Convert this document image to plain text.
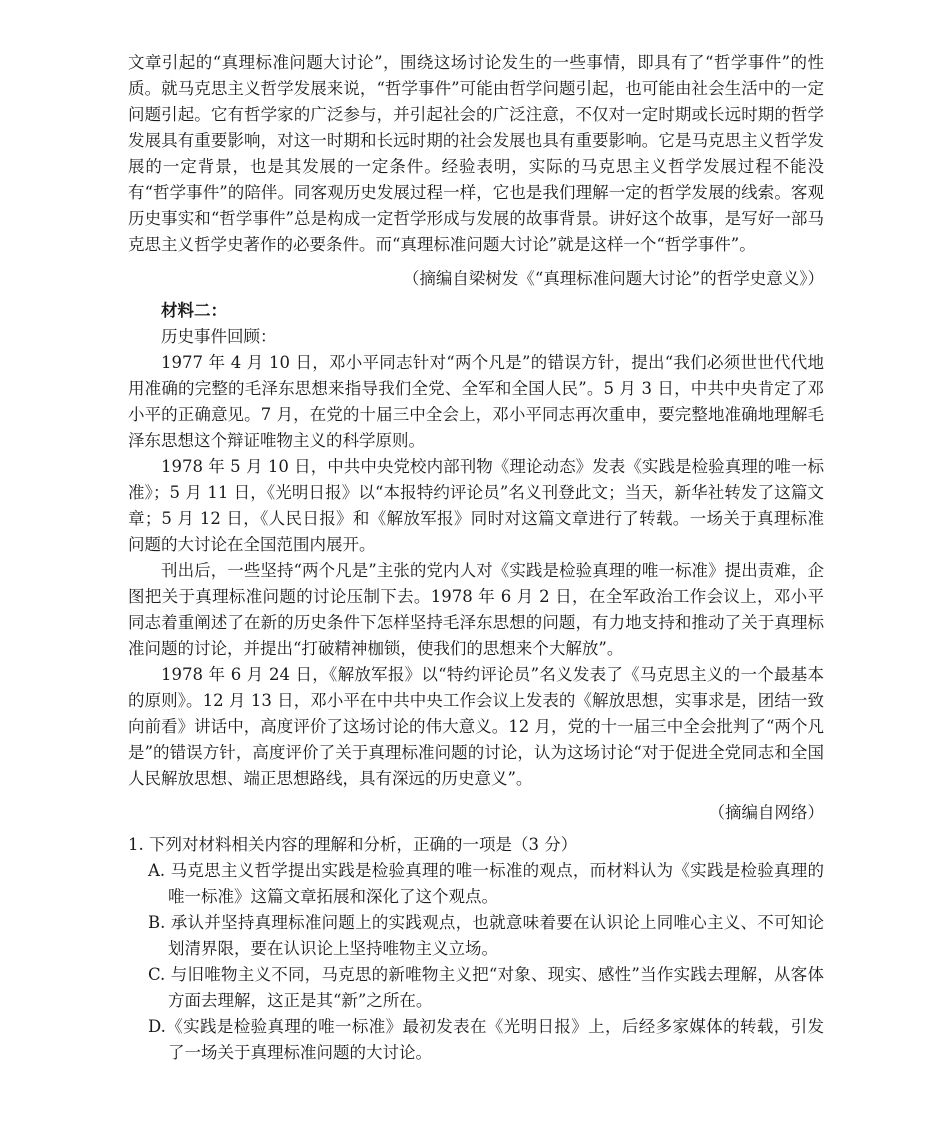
文章引起的“真理标准问题大讨论”，围绕这场讨论发生的一些事情，即具有了“哲学事件”的性质。就马克思主义哲学发展来说，“哲学事件”可能由哲学问题引起，也可能由社会生活中的一定问题引起。它有哲学家的广泛参与，并引起社会的广泛注意，不仅对一定时期或长远时期的哲学发展具有重要影响，对这一时期和长远时期的社会发展也具有重要影响。它是马克思主义哲学发展的一定背景，也是其发展的一定条件。经验表明，实际的马克思主义哲学发展过程不能没有“哲学事件”的陪伴。同客观历史发展过程一样，它也是我们理解一定的哲学发展的线索。客观历史事实和“哲学事件”总是构成一定哲学形成与发展的故事背景。讲好这个故事，是写好一部马克思主义哲学史著作的必要条件。而“真理标准问题大讨论”就是这样一个“哲学事件”。

（摘编自梁树发《“真理标准问题大讨论”的哲学史意义》）
材料二：

历史事件回顾：

1977 年 4 月 10 日，邓小平同志针对“两个凡是”的错误方针，提出“我们必须世世代代地用准确的完整的毛泽东思想来指导我们全党、全军和全国人民”。5 月 3 日，中共中央肯定了邓小平的正确意见。7 月，在党的十届三中全会上，邓小平同志再次重申，要完整地准确地理解毛泽东思想这个辩证唯物主义的科学原则。

1978 年 5 月 10 日，中共中央党校内部刊物《理论动态》发表《实践是检验真理的唯一标准》；5 月 11 日，《光明日报》以“本报特约评论员”名义刊登此文；当天，新华社转发了这篇文章；5 月 12 日，《人民日报》和《解放军报》同时对这篇文章进行了转载。一场关于真理标准问题的大讨论在全国范围内展开。

刊出后，一些坚持“两个凡是”主张的党内人对《实践是检验真理的唯一标准》提出责难，企图把关于真理标准问题的讨论压制下去。1978 年 6 月 2 日，在全军政治工作会议上，邓小平同志着重阐述了在新的历史条件下怎样坚持毛泽东思想的问题，有力地支持和推动了关于真理标准问题的讨论，并提出“打破精神枷锁，使我们的思想来个大解放”。

1978 年 6 月 24 日，《解放军报》以“特约评论员”名义发表了《马克思主义的一个最基本的原则》。12 月 13 日，邓小平在中共中央工作会议上发表的《解放思想，实事求是，团结一致向前看》讲话中，高度评价了这场讨论的伟大意义。12 月，党的十一届三中全会批判了“两个凡是”的错误方针，高度评价了关于真理标准问题的讨论，认为这场讨论“对于促进全党同志和全国人民解放思想、端正思想路线，具有深远的历史意义”。

（摘编自网络）

1. 下列对材料相关内容的理解和分析，正确的一项是（3 分）

A. 马克思主义哲学提出实践是检验真理的唯一标准的观点，而材料认为《实践是检验真理的唯一标准》这篇文章拓展和深化了这个观点。

B. 承认并坚持真理标准问题上的实践观点，也就意味着要在认识论上同唯心主义、不可知论划清界限，要在认识论上坚持唯物主义立场。

C. 与旧唯物主义不同，马克思的新唯物主义把“对象、现实、感性”当作实践去理解，从客体方面去理解，这正是其“新”之所在。

D.《实践是检验真理的唯一标准》最初发表在《光明日报》上，后经多家媒体的转载，引发了一场关于真理标准问题的大讨论。
